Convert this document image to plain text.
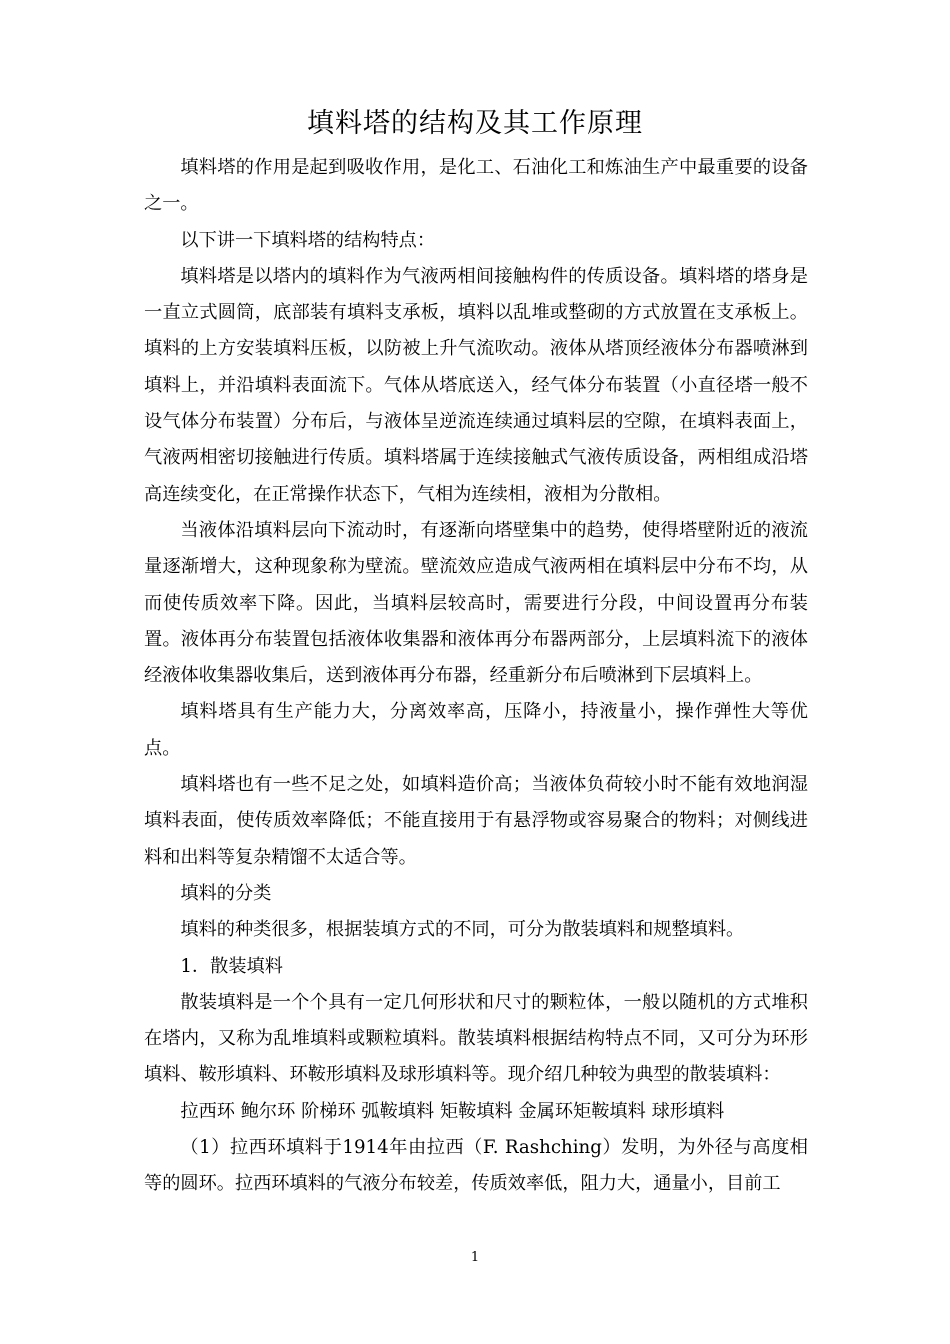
填料塔的结构及其工作原理

填料塔的作用是起到吸收作用，是化工、石油化工和炼油生产中最重要的设备之一。

以下讲一下填料塔的结构特点：

填料塔是以塔内的填料作为气液两相间接触构件的传质设备。填料塔的塔身是一直立式圆筒，底部装有填料支承板，填料以乱堆或整砌的方式放置在支承板上。填料的上方安装填料压板，以防被上升气流吹动。液体从塔顶经液体分布器喷淋到填料上，并沿填料表面流下。气体从塔底送入，经气体分布装置（小直径塔一般不设气体分布装置）分布后，与液体呈逆流连续通过填料层的空隙，在填料表面上，气液两相密切接触进行传质。填料塔属于连续接触式气液传质设备，两相组成沿塔高连续变化，在正常操作状态下，气相为连续相，液相为分散相。

当液体沿填料层向下流动时，有逐渐向塔壁集中的趋势，使得塔壁附近的液流量逐渐增大，这种现象称为壁流。壁流效应造成气液两相在填料层中分布不均，从而使传质效率下降。因此，当填料层较高时，需要进行分段，中间设置再分布装置。液体再分布装置包括液体收集器和液体再分布器两部分，上层填料流下的液体经液体收集器收集后，送到液体再分布器，经重新分布后喷淋到下层填料上。

填料塔具有生产能力大，分离效率高，压降小，持液量小，操作弹性大等优点。

填料塔也有一些不足之处，如填料造价高；当液体负荷较小时不能有效地润湿填料表面，使传质效率降低；不能直接用于有悬浮物或容易聚合的物料；对侧线进料和出料等复杂精馏不太适合等。

填料的分类

填料的种类很多，根据装填方式的不同，可分为散装填料和规整填料。

1．散装填料

散装填料是一个个具有一定几何形状和尺寸的颗粒体，一般以随机的方式堆积在塔内，又称为乱堆填料或颗粒填料。散装填料根据结构特点不同，又可分为环形填料、鞍形填料、环鞍形填料及球形填料等。现介绍几种较为典型的散装填料：

拉西环 鲍尔环 阶梯环 弧鞍填料 矩鞍填料 金属环矩鞍填料 球形填料

（1）拉西环填料于1914年由拉西（F. Rashching）发明，为外径与高度相等的圆环。拉西环填料的气液分布较差，传质效率低，阻力大，通量小，目前工

1
